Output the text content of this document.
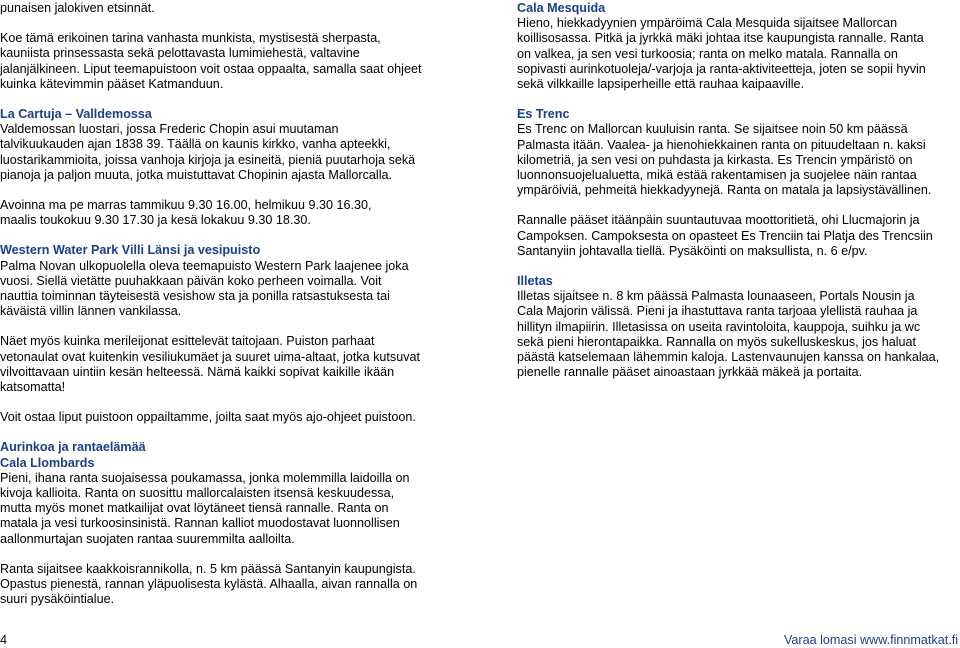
punaisen jalokiven etsinnät.

Koe tämä erikoinen tarina vanhasta munkista, mystisestä sherpasta,
kauniista prinsessasta sekä pelottavasta lumimiehestä, valtavine
jalanjälkineen. Liput teemapuistoon voit ostaa oppaalta, samalla saat ohjeet
kuinka kätevimmin pääset Katmanduun.

La Cartuja – Valldemossa

Valdemossan luostari, jossa Frederic Chopin asui muutaman
talvikuukauden ajan 1838 39. Täällä on kaunis kirkko, vanha apteekki,
luostarikammioita, joissa vanhoja kirjoja ja esineitä, pieniä puutarhoja sekä
pianoja ja paljon muuta, jotka muistuttavat Chopinin ajasta Mallorcalla.

Avoinna ma pe marras tammikuu 9.30 16.00, helmikuu 9.30 16.30,
maalis toukokuu 9.30 17.30 ja kesä lokakuu 9.30 18.30.

Western Water Park Villi Länsi ja vesipuisto

Palma Novan ulkopuolella oleva teemapuisto Western Park laajenee joka
vuosi. Siellä vietätte puuhakkaan päivän koko perheen voimalla. Voit
nauttia toiminnan täyteisestä vesishow sta ja ponilla ratsastuksesta tai
käväistä villin lännen vankilassa.

Näet myös kuinka merileijonat esittelevät taitojaan. Puiston parhaat
vetonaulat ovat kuitenkin vesiliukumäet ja suuret uima-altaat, jotka kutsuvat
vilvoittavaan uintiin kesän helteessä. Nämä kaikki sopivat kaikille ikään
katsomatta!

Voit ostaa liput puistoon oppailtamme, joilta saat myös ajo-ohjeet puistoon.

Aurinkoa ja rantaelämää

Cala Llombards

Pieni, ihana ranta suojaisessa poukamassa, jonka molemmilla laidoilla on
kivoja kallioita. Ranta on suosittu mallorcalaisten itsensä keskuudessa,
mutta myös monet matkailijat ovat löytäneet tiensä rannalle. Ranta on
matala ja vesi turkoosinsinistä. Rannan kalliot muodostavat luonnollisen
aallonmurtajan suojaten rantaa suuremmilta aalloilta.

Ranta sijaitsee kaakkoisrannikolla, n. 5 km päässä Santanyin kaupungista.
Opastus pienestä, rannan yläpuolisesta kylästä. Alhaalla, aivan rannalla on
suuri pysäköintialue.

Cala Mesquida

Hieno, hiekkadyynien ympäröimä Cala Mesquida sijaitsee Mallorcan
koillisosassa. Pitkä ja jyrkkä mäki johtaa itse kaupungista rannalle. Ranta
on valkea, ja sen vesi turkoosia; ranta on melko matala. Rannalla on
sopivasti aurinkotuoleja/-varjoja ja ranta-aktiviteetteja, joten se sopii hyvin
sekä vilkkaille lapsiperheille että rauhaa kaipaaville.

Es Trenc

Es Trenc on Mallorcan kuuluisin ranta. Se sijaitsee noin 50 km päässä
Palmasta itään. Vaalea- ja hienohiekkainen ranta on pituudeltaan n. kaksi
kilometriä, ja sen vesi on puhdasta ja kirkasta. Es Trencin ympäristö on
luonnonsuojelualuetta, mikä estää rakentamisen ja suojelee näin rantaa
ympäröiviä, pehmeitä hiekkadyynejä. Ranta on matala ja lapsiystävällinen.

Rannalle pääset itäänpäin suuntautuvaa moottoritietä, ohi Llucmajorin ja
Campoksen. Campoksesta on opasteet Es Trenciin tai Platja des Trencsiin
Santanyiin johtavalla tiellä. Pysäköinti on maksullista, n. 6 e/pv.

Illetas

Illetas sijaitsee n. 8 km päässä Palmasta lounaaseen, Portals Nousin ja
Cala Majorin välissä. Pieni ja ihastuttava ranta tarjoaa ylellistä rauhaa ja
hillityn ilmapiirin. Illetasissa on useita ravintoloita, kauppoja, suihku ja wc
sekä pieni hierontapaikka. Rannalla on myös sukelluskeskus, jos haluat
päästä katselemaan lähemmin kaloja. Lastenvaunujen kanssa on hankalaa,
pienelle rannalle pääset ainoastaan jyrkkää mäkeä ja portaita.

4	Varaa lomasi www.finnmatkat.fi
